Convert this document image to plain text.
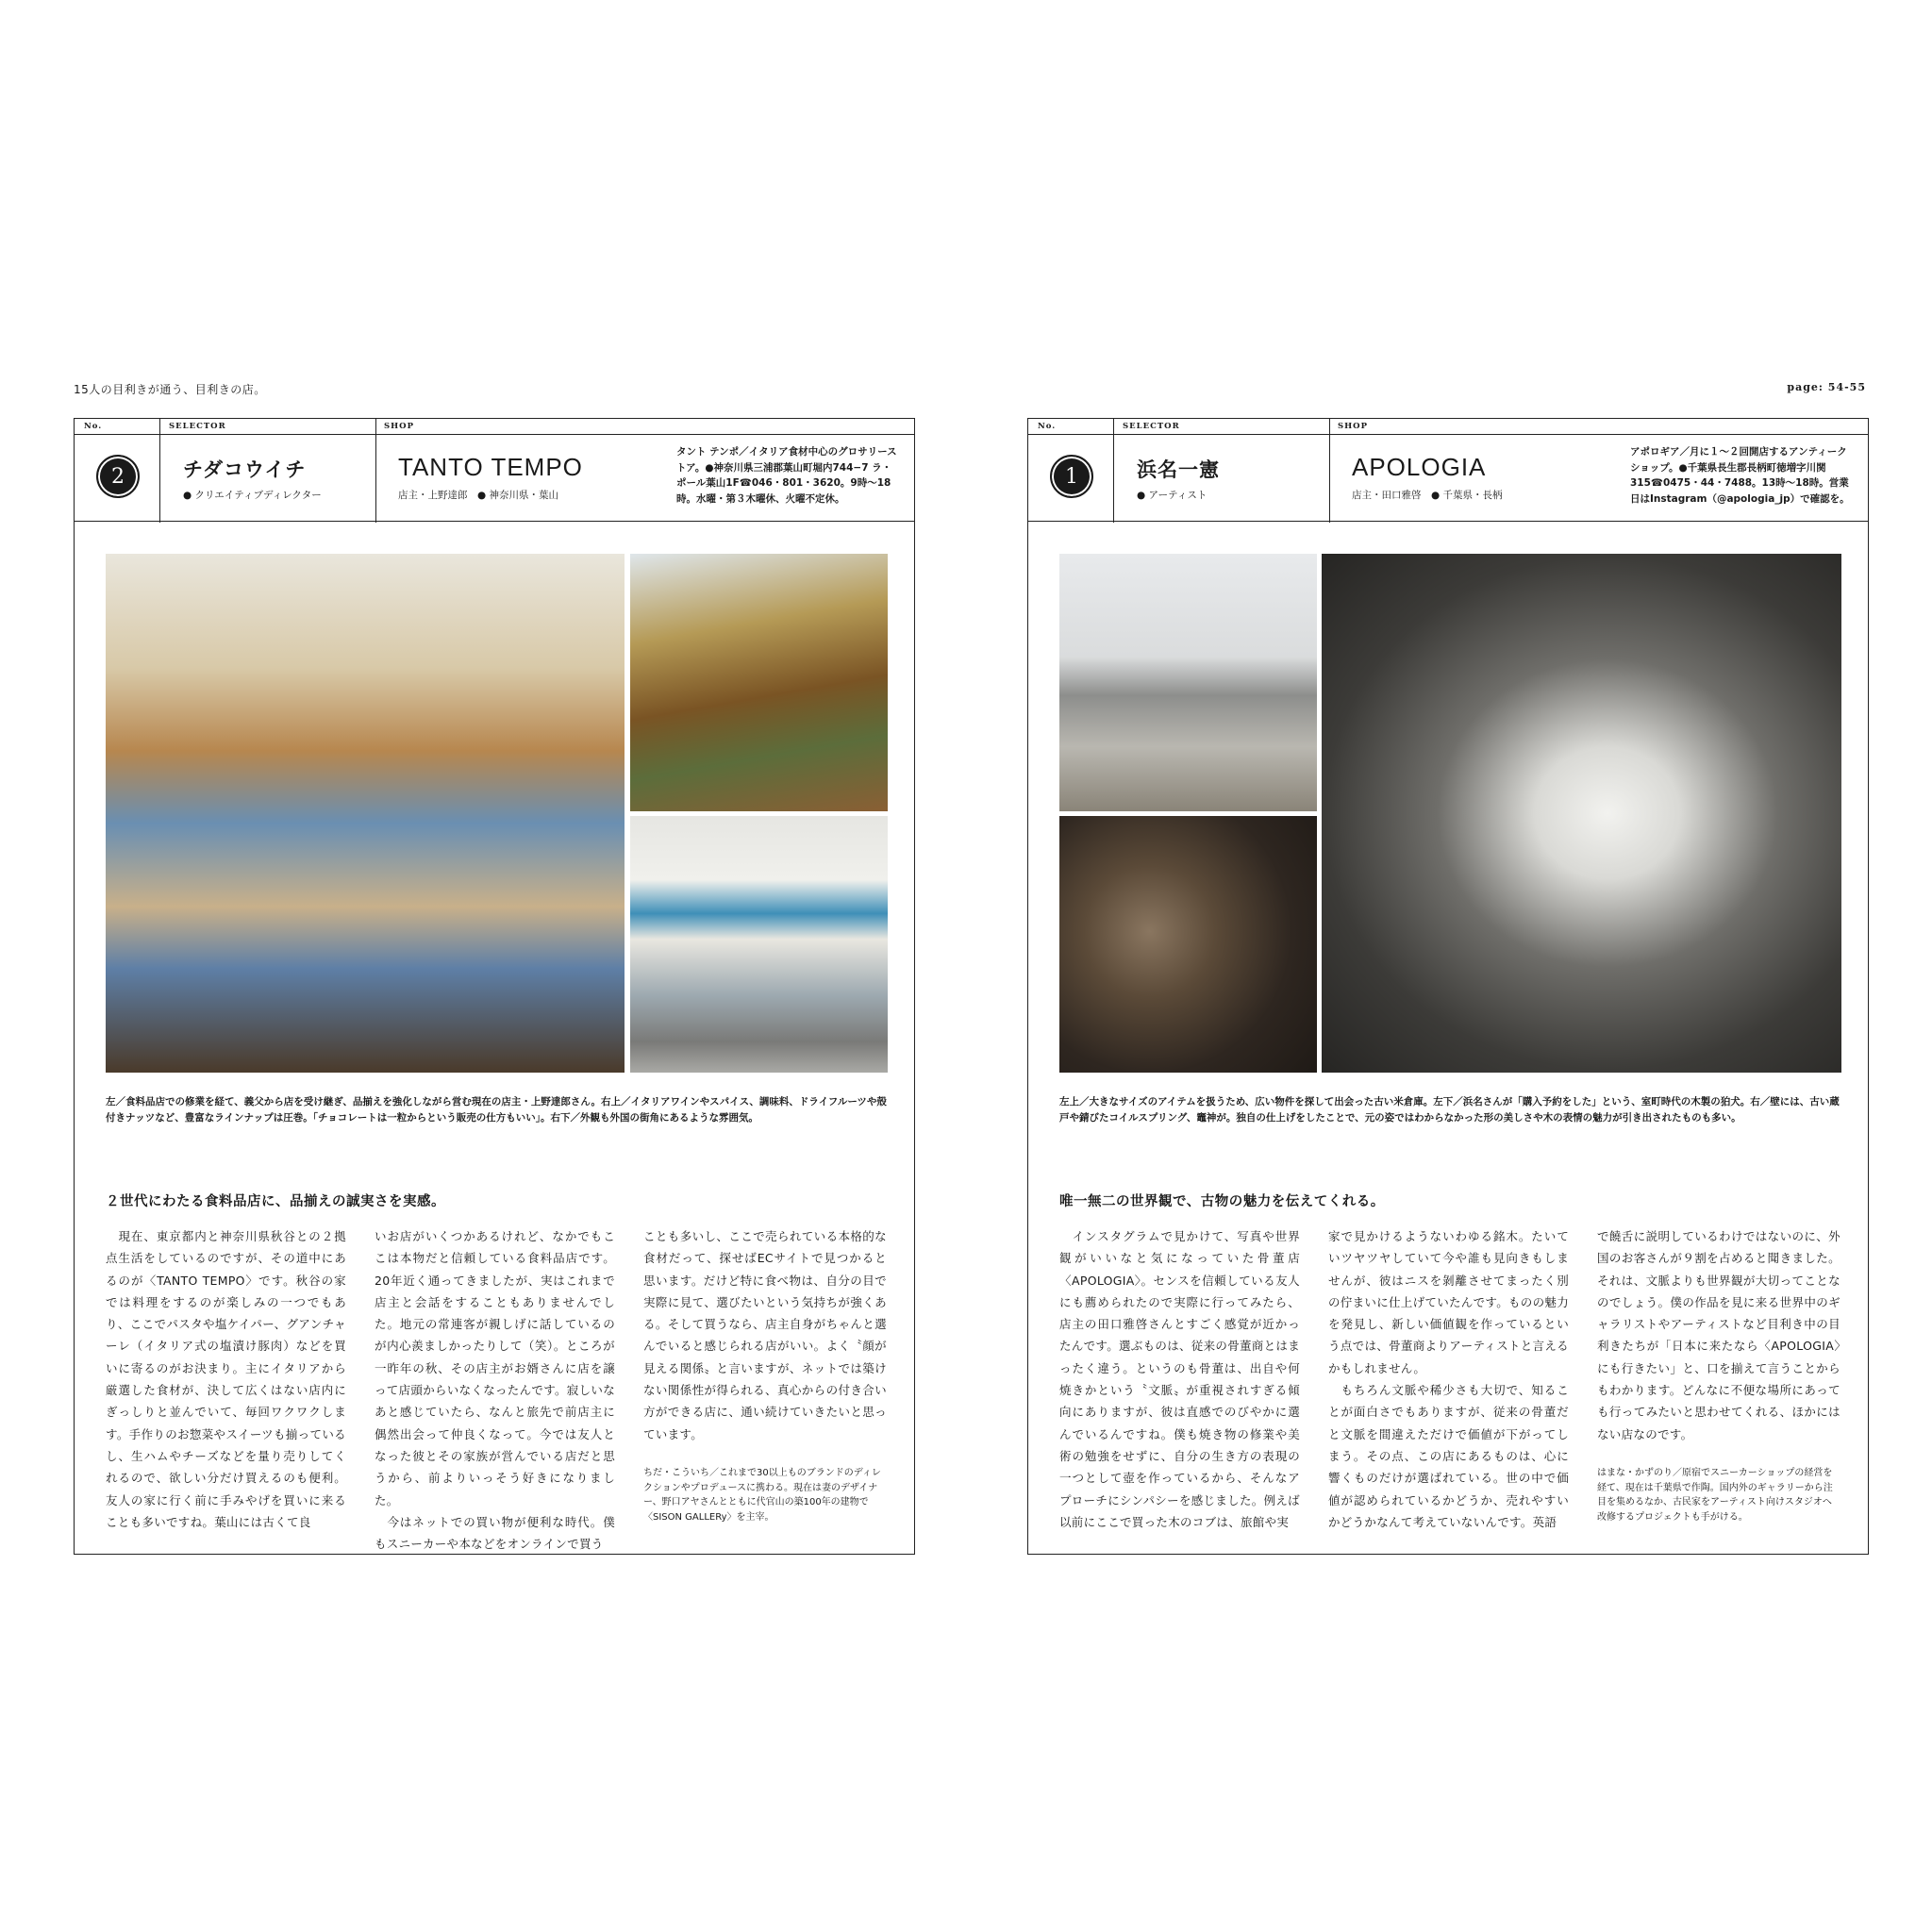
15人の目利きが通う、目利きの店。	page: 54-55
No.	SELECTOR	SHOP
2	チダコウイチ
● クリエイティブディレクター
TANTO TEMPO
店主・上野達郎　● 神奈川県・葉山
タント テンポ／イタリア食材中心のグロサリーストア。●神奈川県三浦郡葉山町堀内744−7 ラ・ポール葉山1F☎046・801・3620。9時〜18時。水曜・第３木曜休、火曜不定休。
左／食料品店での修業を経て、義父から店を受け継ぎ、品揃えを強化しながら営む現在の店主・上野達郎さん。右上／イタリアワインやスパイス、調味料、ドライフルーツや殻付きナッツなど、豊富なラインナップは圧巻。「チョコレートは一粒からという販売の仕方もいい」。右下／外観も外国の街角にあるような雰囲気。
２世代にわたる食料品店に、品揃えの誠実さを実感。
　現在、東京都内と神奈川県秋谷との２拠点生活をしているのですが、その道中にあるのが〈TANTO TEMPO〉です。秋谷の家では料理をするのが楽しみの一つでもあり、ここでパスタや塩ケイパー、グアンチャーレ（イタリア式の塩漬け豚肉）などを買いに寄るのがお決まり。主にイタリアから厳選した食材が、決して広くはない店内にぎっしりと並んでいて、毎回ワクワクします。手作りのお惣菜やスイーツも揃っているし、生ハムやチーズなどを量り売りしてくれるので、欲しい分だけ買えるのも便利。友人の家に行く前に手みやげを買いに来ることも多いですね。葉山には古くて良
いお店がいくつかあるけれど、なかでもここは本物だと信頼している食料品店です。20年近く通ってきましたが、実はこれまで店主と会話をすることもありませんでした。地元の常連客が親しげに話しているのが内心羨ましかったりして（笑）。ところが一昨年の秋、その店主がお婿さんに店を譲って店頭からいなくなったんです。寂しいなあと感じていたら、なんと旅先で前店主に偶然出会って仲良くなって。今では友人となった彼とその家族が営んでいる店だと思うから、前よりいっそう好きになりました。
　今はネットでの買い物が便利な時代。僕もスニーカーや本などをオンラインで買う
ことも多いし、ここで売られている本格的な食材だって、探せばECサイトで見つかると思います。だけど特に食べ物は、自分の目で実際に見て、選びたいという気持ちが強くある。そして買うなら、店主自身がちゃんと選んでいると感じられる店がいい。よく〝顔が見える関係〟と言いますが、ネットでは築けない関係性が得られる、真心からの付き合い方ができる店に、通い続けていきたいと思っています。
ちだ・こういち／これまで30以上ものブランドのディレクションやプロデュースに携わる。現在は妻のデザイナー、野口アヤさんとともに代官山の築100年の建物で〈SISON GALLERy〉を主宰。
No.	SELECTOR	SHOP
1	浜名一憲
● アーティスト
APOLOGIA
店主・田口雅啓　● 千葉県・長柄
アポロギア／月に１〜２回開店するアンティークショップ。●千葉県長生郡長柄町徳増字川関315☎0475・44・7488。13時〜18時。営業日はInstagram（@apologia_jp）で確認を。
左上／大きなサイズのアイテムを扱うため、広い物件を探して出会った古い米倉庫。左下／浜名さんが「購入予約をした」という、室町時代の木製の狛犬。右／壁には、古い蔵戸や錆びたコイルスプリング、竈神が。独自の仕上げをしたことで、元の姿ではわからなかった形の美しさや木の表情の魅力が引き出されたものも多い。
唯一無二の世界観で、古物の魅力を伝えてくれる。
　インスタグラムで見かけて、写真や世界観がいいなと気になっていた骨董店〈APOLOGIA〉。センスを信頼している友人にも薦められたので実際に行ってみたら、店主の田口雅啓さんとすごく感覚が近かったんです。選ぶものは、従来の骨董商とはまったく違う。というのも骨董は、出自や何焼きかという〝文脈〟が重視されすぎる傾向にありますが、彼は直感でのびやかに選んでいるんですね。僕も焼き物の修業や美術の勉強をせずに、自分の生き方の表現の一つとして壺を作っているから、そんなアプローチにシンパシーを感じました。例えば以前にここで買った木のコブは、旅館や実
家で見かけるようないわゆる銘木。たいていツヤツヤしていて今や誰も見向きもしませんが、彼はニスを剝離させてまったく別の佇まいに仕上げていたんです。ものの魅力を発見し、新しい価値観を作っているという点では、骨董商よりアーティストと言えるかもしれません。
　もちろん文脈や稀少さも大切で、知ることが面白さでもありますが、従来の骨董だと文脈を間違えただけで価値が下がってしまう。その点、この店にあるものは、心に響くものだけが選ばれている。世の中で価値が認められているかどうか、売れやすいかどうかなんて考えていないんです。英語
で饒舌に説明しているわけではないのに、外国のお客さんが９割を占めると聞きました。それは、文脈よりも世界観が大切ってことなのでしょう。僕の作品を見に来る世界中のギャラリストやアーティストなど目利き中の目利きたちが「日本に来たなら〈APOLOGIA〉にも行きたい」と、口を揃えて言うことからもわかります。どんなに不便な場所にあっても行ってみたいと思わせてくれる、ほかにはない店なのです。
はまな・かずのり／原宿でスニーカーショップの経営を経て、現在は千葉県で作陶。国内外のギャラリーから注目を集めるなか、古民家をアーティスト向けスタジオへ改修するプロジェクトも手がける。
